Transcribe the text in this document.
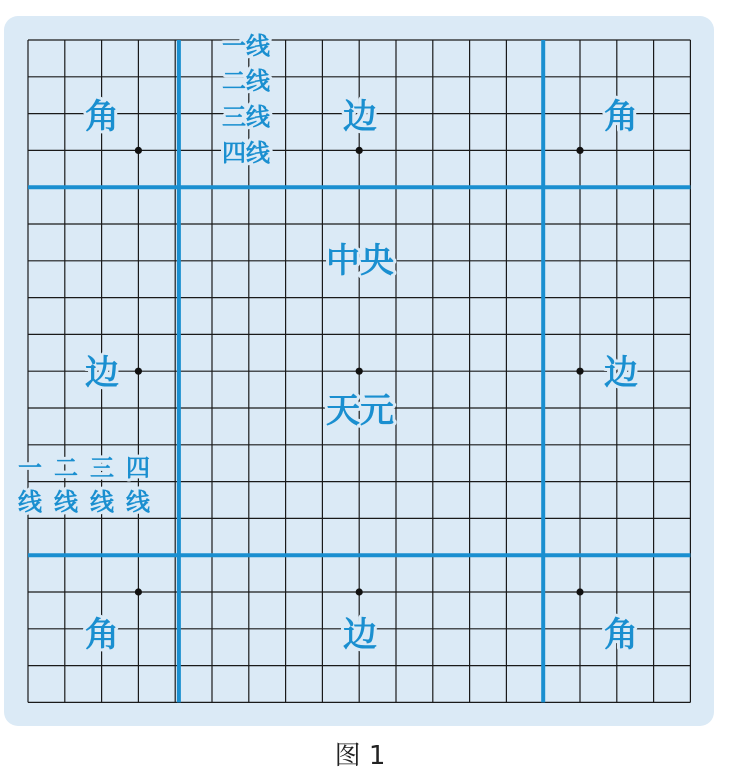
角	边	角
中央
边	边
天元
角	边	角
一线
二线
三线
四线
一
线
二
线
三
线
四
线
图 1
